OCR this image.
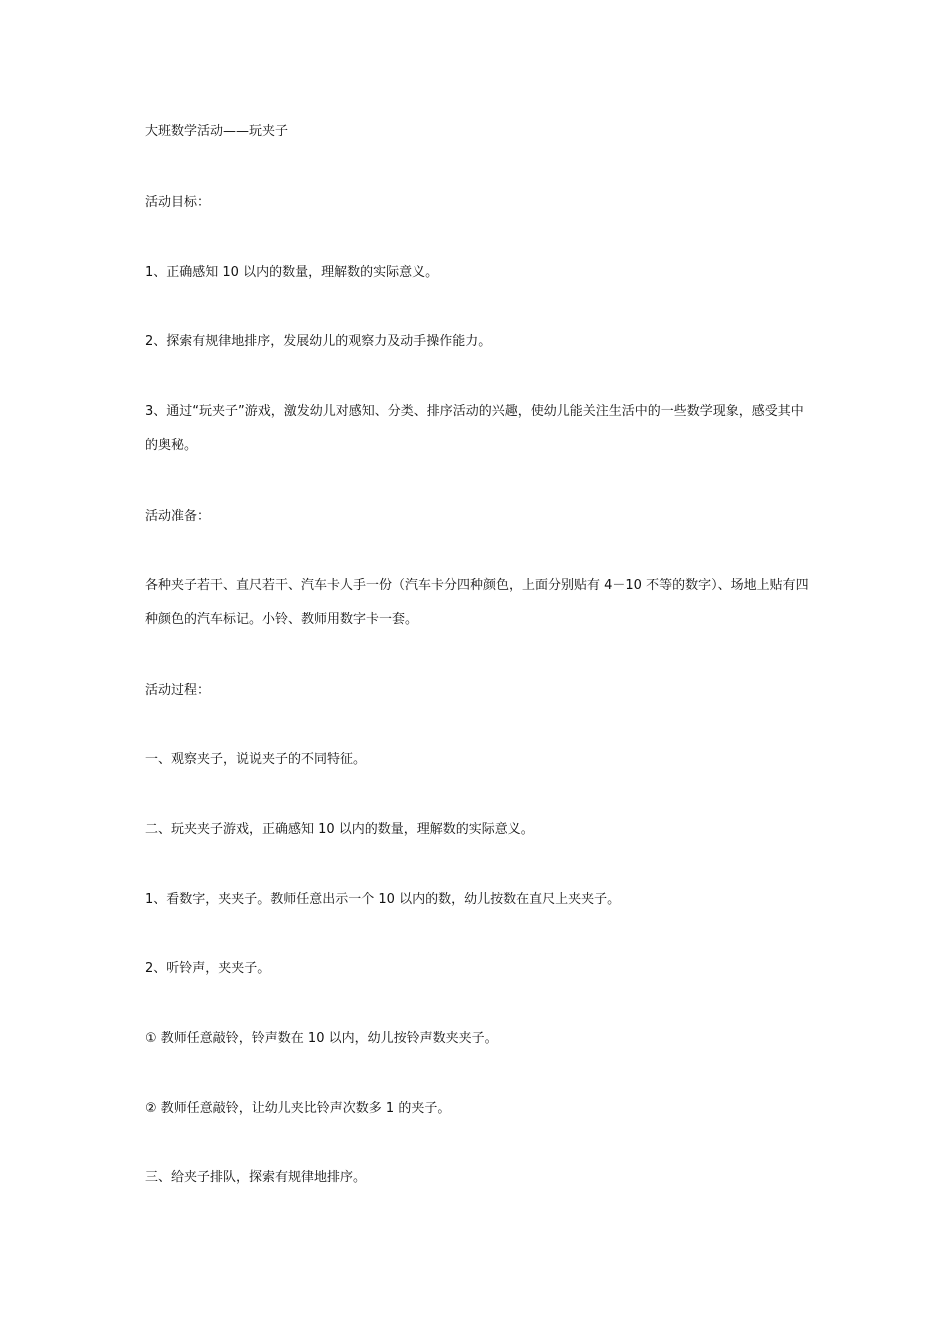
大班数学活动——玩夹子
活动目标：
1、正确感知 10 以内的数量，理解数的实际意义。
2、探索有规律地排序，发展幼儿的观察力及动手操作能力。
3、通过“玩夹子”游戏，激发幼儿对感知、分类、排序活动的兴趣，使幼儿能关注生活中的一些数学现象，感受其中的奥秘。
活动准备：
各种夹子若干、直尺若干、汽车卡人手一份（汽车卡分四种颜色，上面分别贴有 4－10 不等的数字）、场地上贴有四种颜色的汽车标记。小铃、教师用数字卡一套。
活动过程：
一、观察夹子，说说夹子的不同特征。
二、玩夹夹子游戏，正确感知 10 以内的数量，理解数的实际意义。
1、看数字，夹夹子。教师任意出示一个 10 以内的数，幼儿按数在直尺上夹夹子。
2、听铃声，夹夹子。
① 教师任意敲铃，铃声数在 10 以内，幼儿按铃声数夹夹子。
② 教师任意敲铃，让幼儿夹比铃声次数多 1 的夹子。
三、给夹子排队，探索有规律地排序。
